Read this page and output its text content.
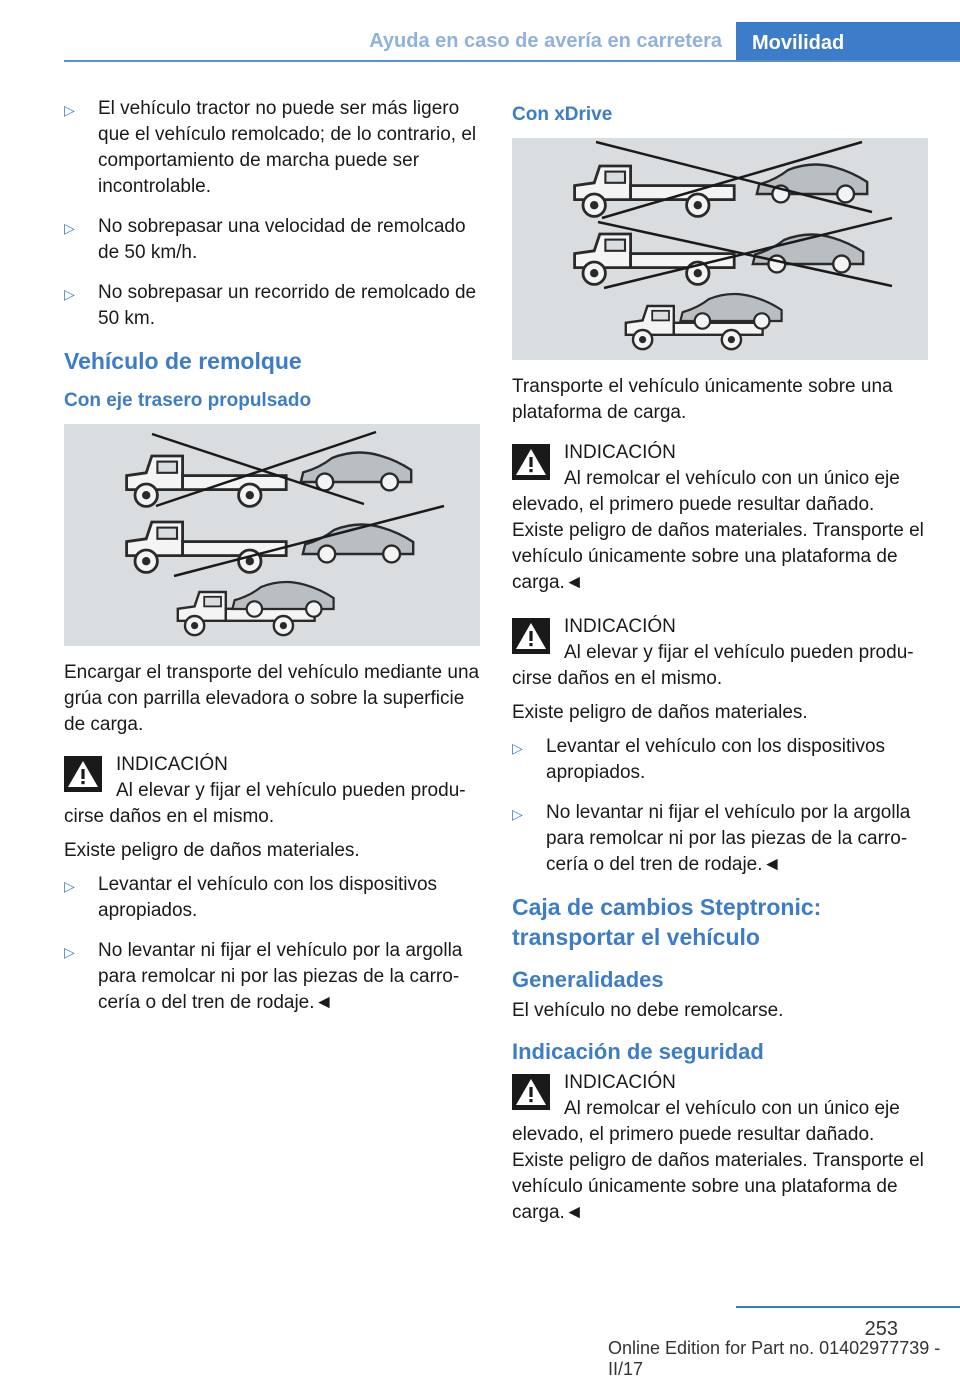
Ayuda en caso de avería en carretera	Movilidad
▷	El vehículo tractor no puede ser más ligero que el vehículo remolcado; de lo contrario, el comportamiento de marcha puede ser incontrolable.
▷	No sobrepasar una velocidad de remolcado de 50 km/h.
▷	No sobrepasar un recorrido de remolcado de 50 km.
Vehículo de remolque
Con eje trasero propulsado
Encargar el transporte del vehículo mediante una grúa con parrilla elevadora o sobre la superficie de carga.
INDICACIÓN
Al elevar y fijar el vehículo pueden producirse daños en el mismo.
Existe peligro de daños materiales.
▷	Levantar el vehículo con los dispositivos apropiados.
▷	No levantar ni fijar el vehículo por la argolla para remolcar ni por las piezas de la carrocería o del tren de rodaje.◄
Con xDrive
Transporte el vehículo únicamente sobre una plataforma de carga.
INDICACIÓN
Al remolcar el vehículo con un único eje elevado, el primero puede resultar dañado. Existe peligro de daños materiales. Transporte el vehículo únicamente sobre una plataforma de carga.◄
INDICACIÓN
Al elevar y fijar el vehículo pueden producirse daños en el mismo.
Existe peligro de daños materiales.
▷	Levantar el vehículo con los dispositivos apropiados.
▷	No levantar ni fijar el vehículo por la argolla para remolcar ni por las piezas de la carrocería o del tren de rodaje.◄
Caja de cambios Steptronic: transportar el vehículo
Generalidades
El vehículo no debe remolcarse.
Indicación de seguridad
INDICACIÓN
Al remolcar el vehículo con un único eje elevado, el primero puede resultar dañado. Existe peligro de daños materiales. Transporte el vehículo únicamente sobre una plataforma de carga.◄
253
Online Edition for Part no. 01402977739 - II/17
